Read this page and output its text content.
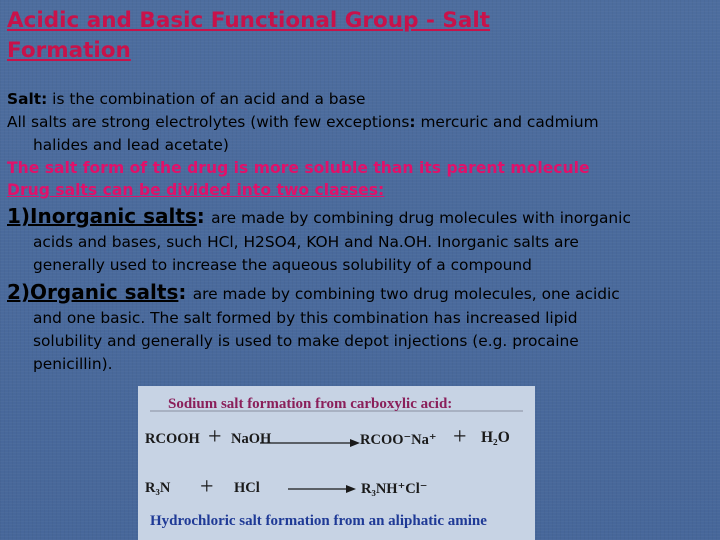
Acidic and Basic Functional Group - Salt Formation
Salt: is the combination of an acid and a base
All salts are strong electrolytes (with few exceptions: mercuric and cadmium
halides and lead acetate)
The salt form of the drug is more soluble than its parent molecule
Drug salts can be divided into two classes:
1)Inorganic salts: are made by combining drug molecules with inorganic
acids and bases, such HCl, H2SO4, KOH and Na.OH. Inorganic salts are
generally used to increase the aqueous solubility of a compound
2)Organic salts: are made by combining two drug molecules, one acidic
and one basic. The salt formed by this combination has increased lipid
solubility and generally is used to make depot injections (e.g. procaine
penicillin).
Sodium salt formation from carboxylic acid:
RCOOH + NaOH	RCOO⁻Na⁺ + H₂O
R₃N + HCl	R₃NH⁺Cl⁻
Hydrochloric salt formation from an aliphatic amine
